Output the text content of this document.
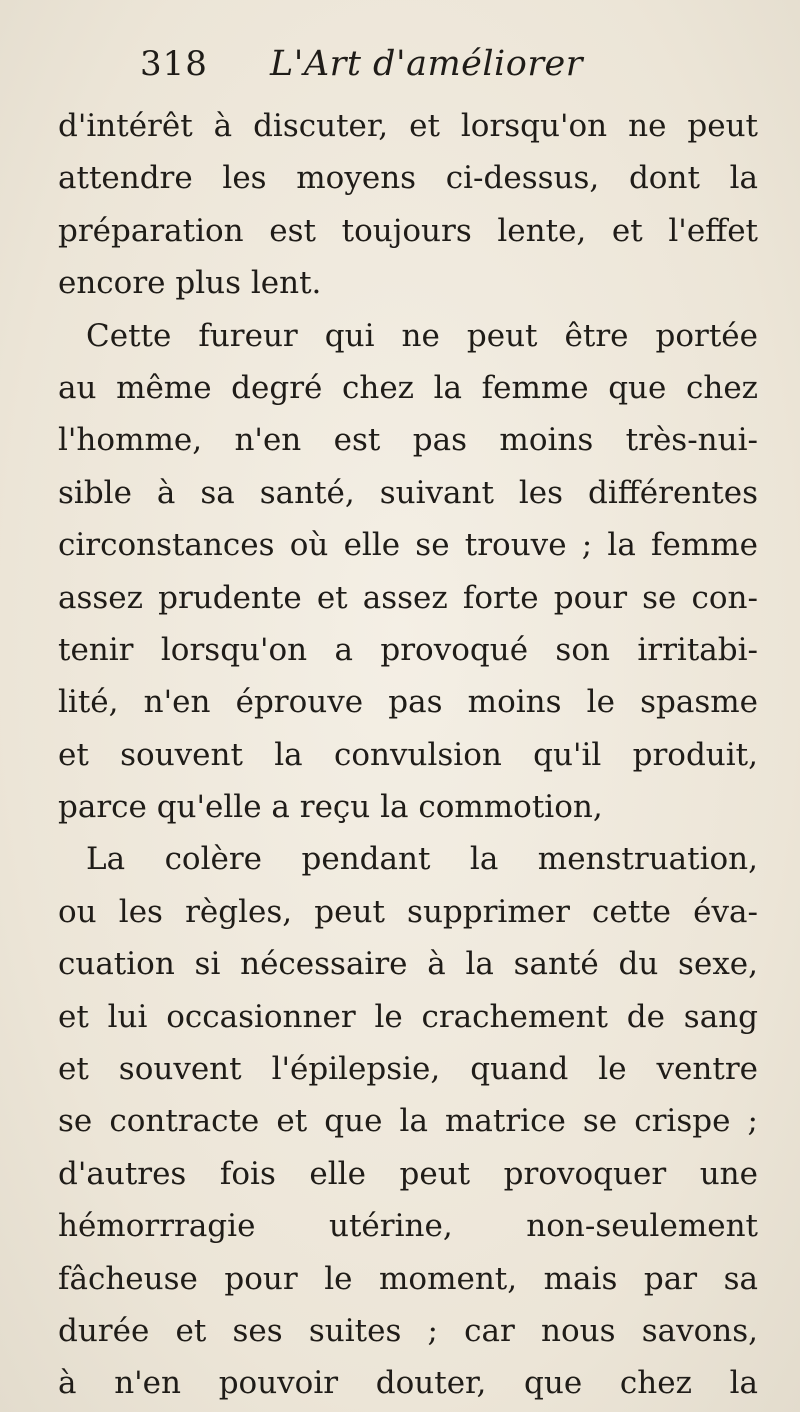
318 L'Art d'améliorer
d'intérêt à discuter, et lorsqu'on ne peut
attendre les moyens ci-dessus, dont la
préparation est toujours lente, et l'effet
encore plus lent.
Cette fureur qui ne peut être portée
au même degré chez la femme que chez
l'homme, n'en est pas moins très-nui-
sible à sa santé, suivant les différentes
circonstances où elle se trouve ; la femme
assez prudente et assez forte pour se con-
tenir lorsqu'on a provoqué son irritabi-
lité, n'en éprouve pas moins le spasme
et souvent la convulsion qu'il produit,
parce qu'elle a reçu la commotion,
La colère pendant la menstruation,
ou les règles, peut supprimer cette éva-
cuation si nécessaire à la santé du sexe,
et lui occasionner le crachement de sang
et souvent l'épilepsie, quand le ventre
se contracte et que la matrice se crispe ;
d'autres fois elle peut provoquer une
hémorrragie utérine, non-seulement
fâcheuse pour le moment, mais par sa
durée et ses suites ; car nous savons,
à n'en pouvoir douter, que chez la
